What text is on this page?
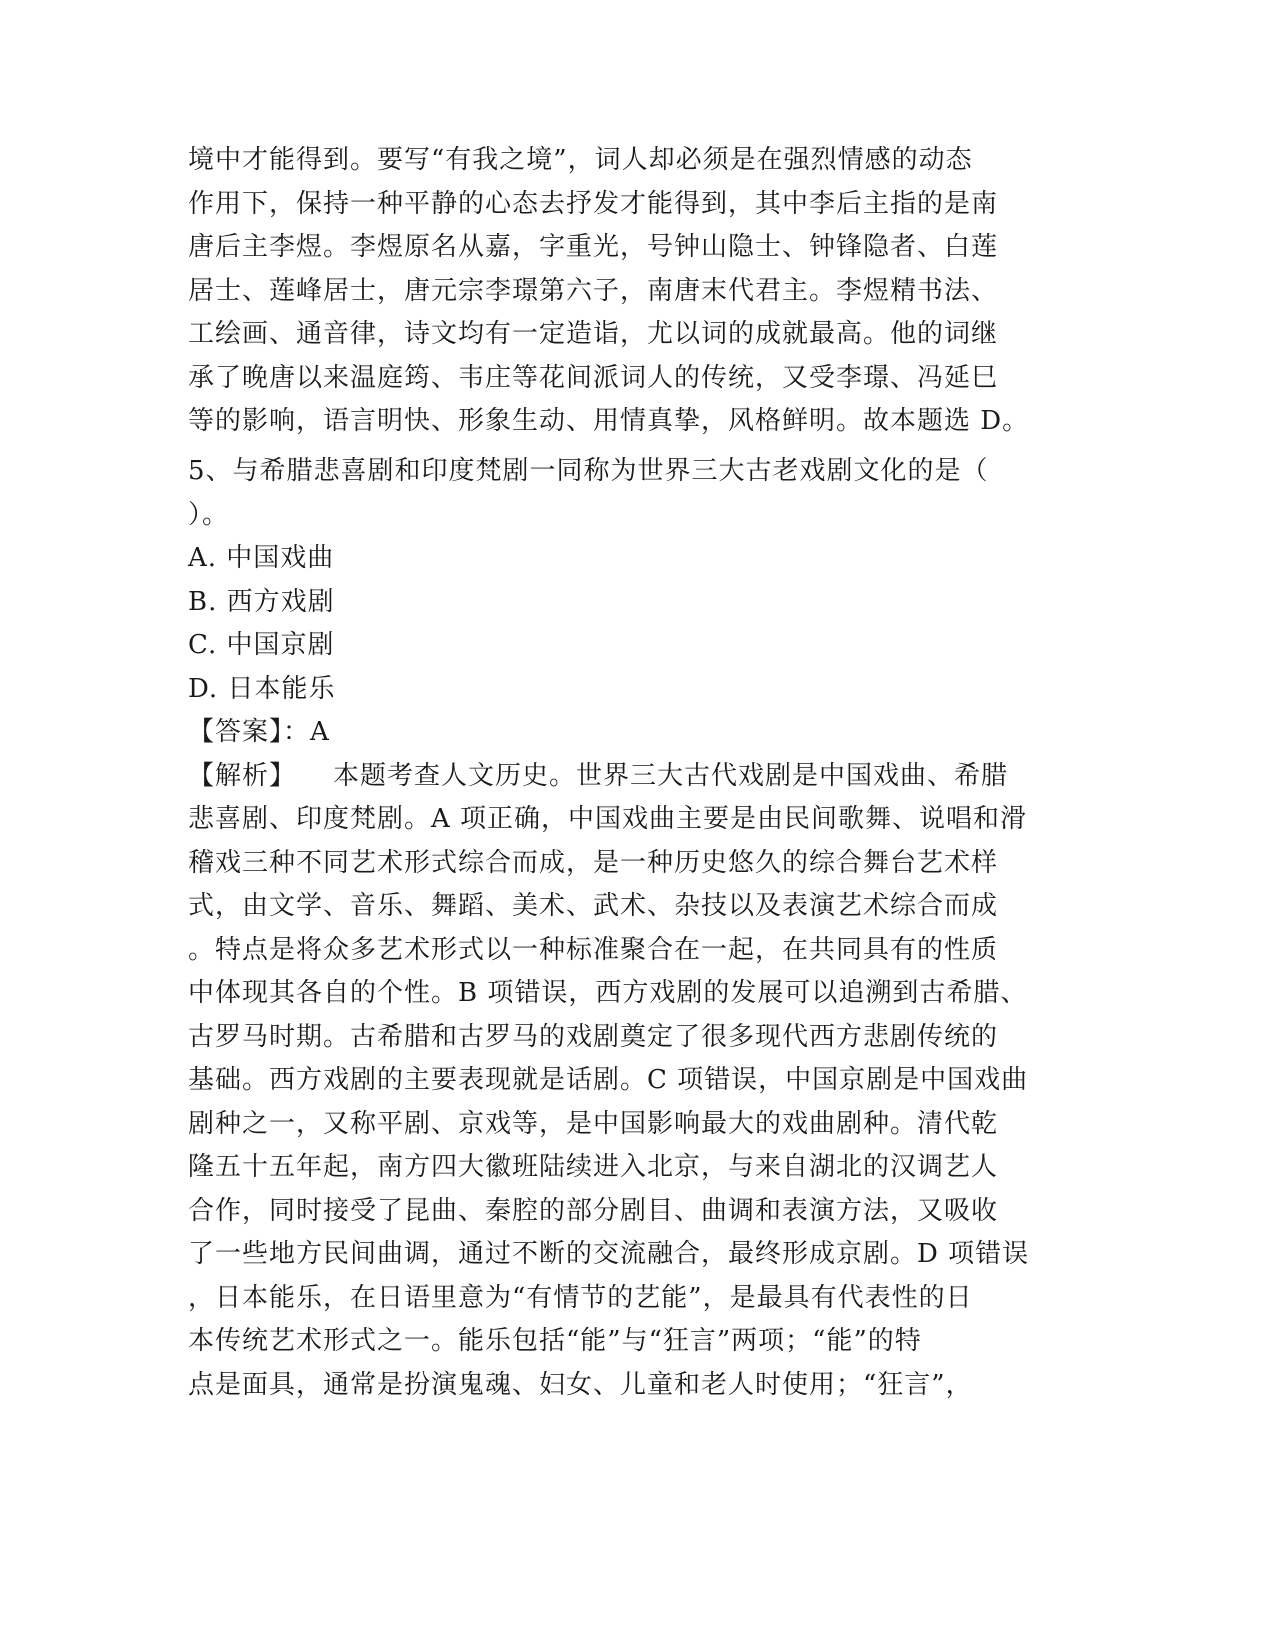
境中才能得到。要写“有我之境”，词人却必须是在强烈情感的动态
作用下，保持一种平静的心态去抒发才能得到，其中李后主指的是南
唐后主李煜。李煜原名从嘉，字重光，号钟山隐士、钟锋隐者、白莲
居士、莲峰居士，唐元宗李璟第六子，南唐末代君主。李煜精书法、
工绘画、通音律，诗文均有一定造诣，尤以词的成就最高。他的词继
承了晚唐以来温庭筠、韦庄等花间派词人的传统，又受李璟、冯延巳
等的影响，语言明快、形象生动、用情真挚，风格鲜明。故本题选 D。
5、与希腊悲喜剧和印度梵剧一同称为世界三大古老戏剧文化的是（
）。
A. 中国戏曲
B. 西方戏剧
C. 中国京剧
D. 日本能乐
【答案】：A
【解析】    本题考查人文历史。世界三大古代戏剧是中国戏曲、希腊
悲喜剧、印度梵剧。A 项正确，中国戏曲主要是由民间歌舞、说唱和滑
稽戏三种不同艺术形式综合而成，是一种历史悠久的综合舞台艺术样
式，由文学、音乐、舞蹈、美术、武术、杂技以及表演艺术综合而成
。特点是将众多艺术形式以一种标准聚合在一起，在共同具有的性质
中体现其各自的个性。B 项错误，西方戏剧的发展可以追溯到古希腊、
古罗马时期。古希腊和古罗马的戏剧奠定了很多现代西方悲剧传统的
基础。西方戏剧的主要表现就是话剧。C 项错误，中国京剧是中国戏曲
剧种之一，又称平剧、京戏等，是中国影响最大的戏曲剧种。清代乾
隆五十五年起，南方四大徽班陆续进入北京，与来自湖北的汉调艺人
合作，同时接受了昆曲、秦腔的部分剧目、曲调和表演方法，又吸收
了一些地方民间曲调，通过不断的交流融合，最终形成京剧。D 项错误
，日本能乐，在日语里意为“有情节的艺能”，是最具有代表性的日
本传统艺术形式之一。能乐包括“能”与“狂言”两项；“能”的特
点是面具，通常是扮演鬼魂、妇女、儿童和老人时使用；“狂言”，
